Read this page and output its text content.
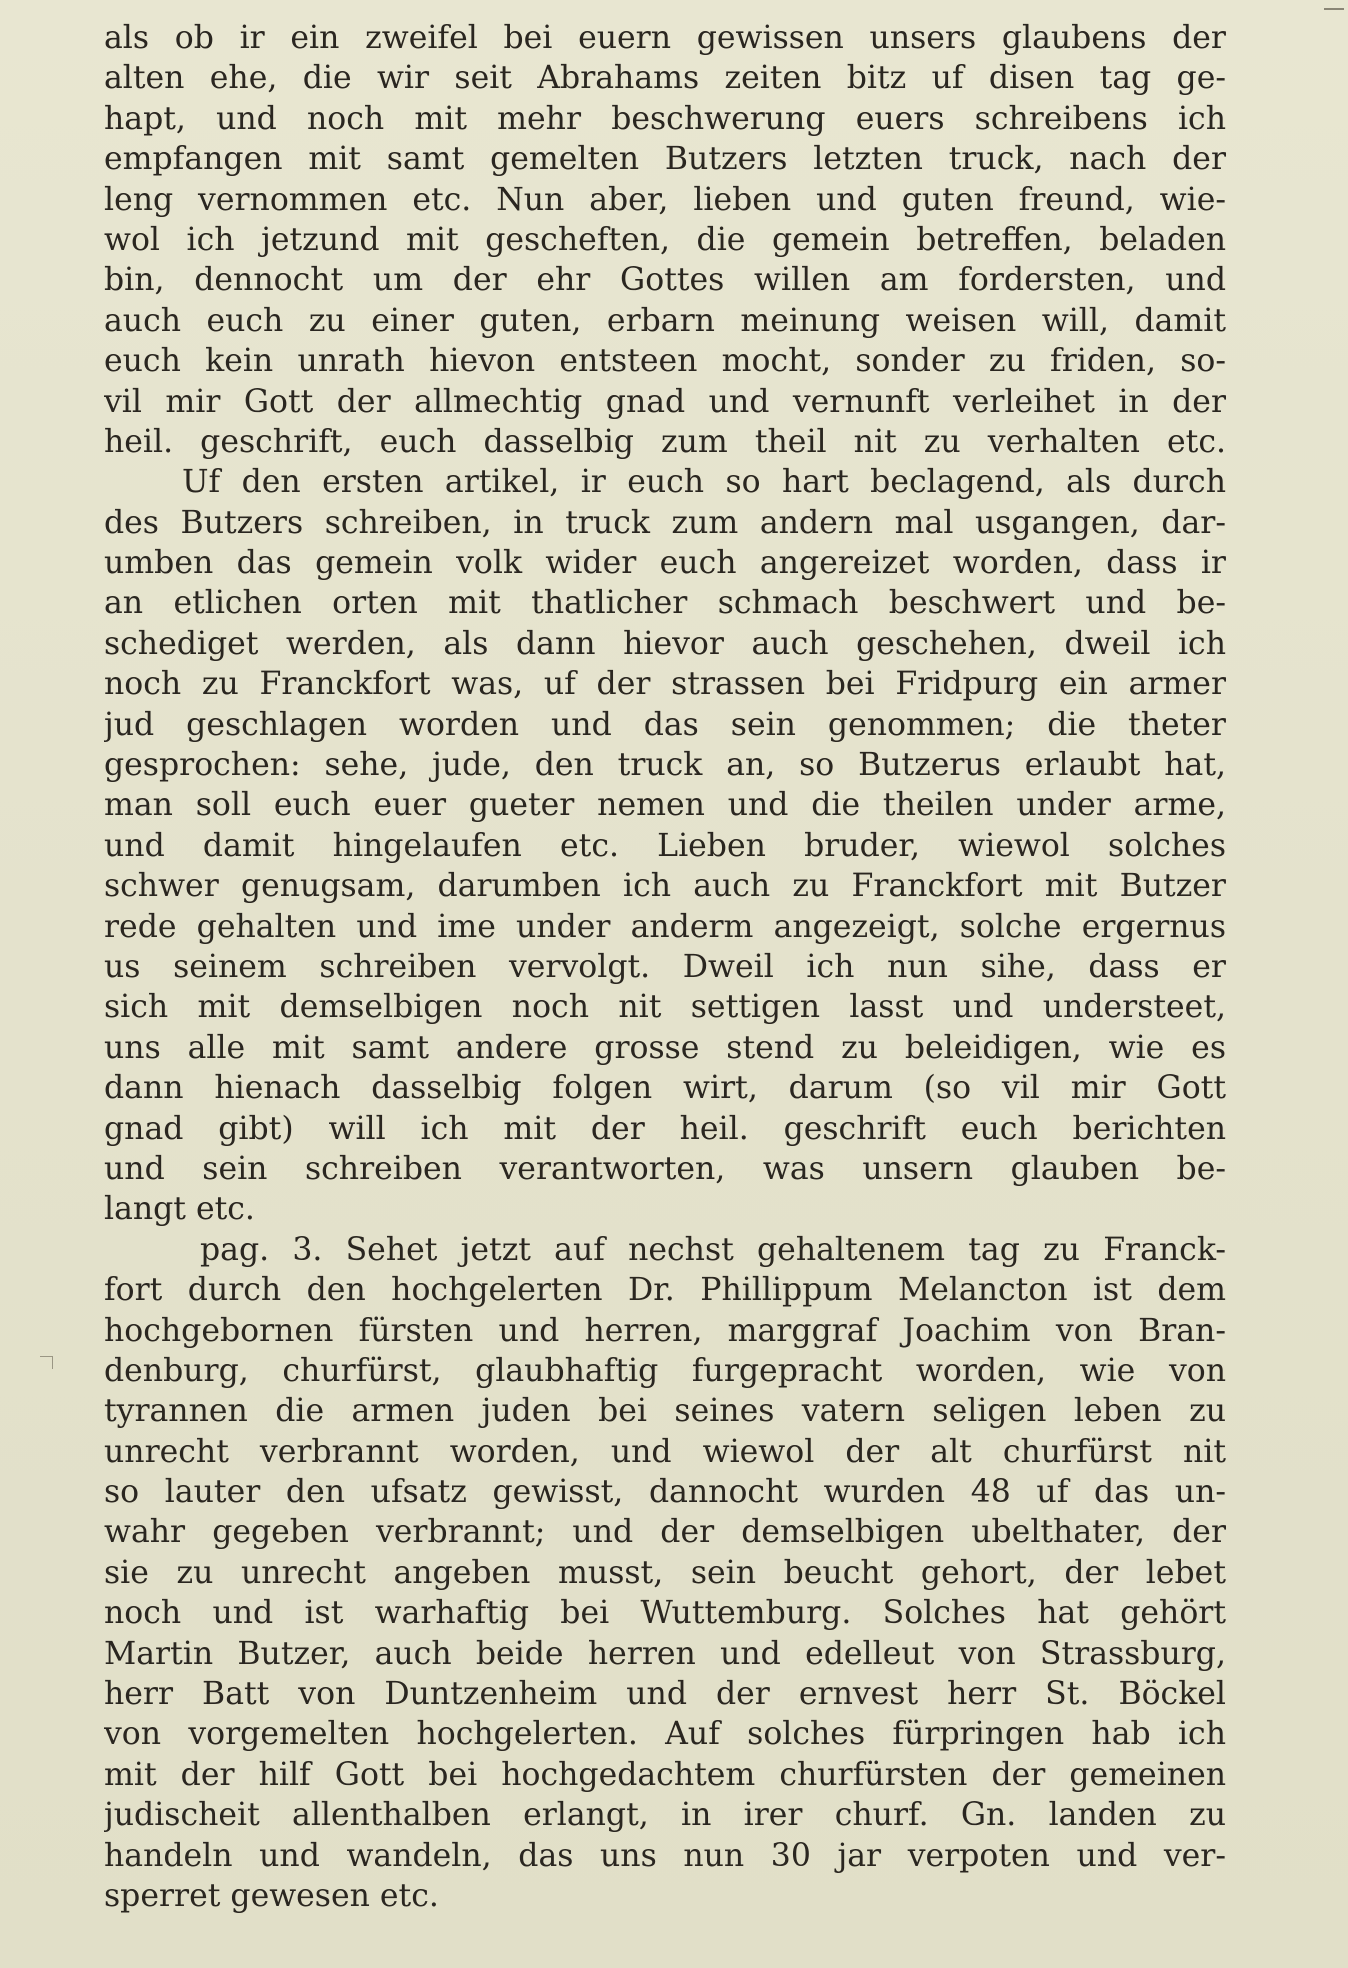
als ob ir ein zweifel bei euern gewissen unsers glaubens der
alten ehe, die wir seit Abrahams zeiten bitz uf disen tag ge-
hapt, und noch mit mehr beschwerung euers schreibens ich
empfangen mit samt gemelten Butzers letzten truck, nach der
leng vernommen etc. Nun aber, lieben und guten freund, wie-
wol ich jetzund mit gescheften, die gemein betreffen, beladen
bin, dennocht um der ehr Gottes willen am fordersten, und
auch euch zu einer guten, erbarn meinung weisen will, damit
euch kein unrath hievon entsteen mocht, sonder zu friden, so-
vil mir Gott der allmechtig gnad und vernunft verleihet in der
heil. geschrift, euch dasselbig zum theil nit zu verhalten etc.
Uf den ersten artikel, ir euch so hart beclagend, als durch
des Butzers schreiben, in truck zum andern mal usgangen, dar-
umben das gemein volk wider euch angereizet worden, dass ir
an etlichen orten mit thatlicher schmach beschwert und be-
schediget werden, als dann hievor auch geschehen, dweil ich
noch zu Franckfort was, uf der strassen bei Fridpurg ein armer
jud geschlagen worden und das sein genommen; die theter
gesprochen: sehe, jude, den truck an, so Butzerus erlaubt hat,
man soll euch euer gueter nemen und die theilen under arme,
und damit hingelaufen etc. Lieben bruder, wiewol solches
schwer genugsam, darumben ich auch zu Franckfort mit Butzer
rede gehalten und ime under anderm angezeigt, solche ergernus
us seinem schreiben vervolgt. Dweil ich nun sihe, dass er
sich mit demselbigen noch nit settigen lasst und understeet,
uns alle mit samt andere grosse stend zu beleidigen, wie es
dann hienach dasselbig folgen wirt, darum (so vil mir Gott
gnad gibt) will ich mit der heil. geschrift euch berichten
und sein schreiben verantworten, was unsern glauben be-
langt etc.
pag. 3. Sehet jetzt auf nechst gehaltenem tag zu Franck-
fort durch den hochgelerten Dr. Phillippum Melancton ist dem
hochgebornen fürsten und herren, marggraf Joachim von Bran-
denburg, churfürst, glaubhaftig furgepracht worden, wie von
tyrannen die armen juden bei seines vatern seligen leben zu
unrecht verbrannt worden, und wiewol der alt churfürst nit
so lauter den ufsatz gewisst, dannocht wurden 48 uf das un-
wahr gegeben verbrannt; und der demselbigen ubelthater, der
sie zu unrecht angeben musst, sein beucht gehort, der lebet
noch und ist warhaftig bei Wuttemburg. Solches hat gehört
Martin Butzer, auch beide herren und edelleut von Strassburg,
herr Batt von Duntzenheim und der ernvest herr St. Böckel
von vorgemelten hochgelerten. Auf solches fürpringen hab ich
mit der hilf Gott bei hochgedachtem churfürsten der gemeinen
judischeit allenthalben erlangt, in irer churf. Gn. landen zu
handeln und wandeln, das uns nun 30 jar verpoten und ver-
sperret gewesen etc.
